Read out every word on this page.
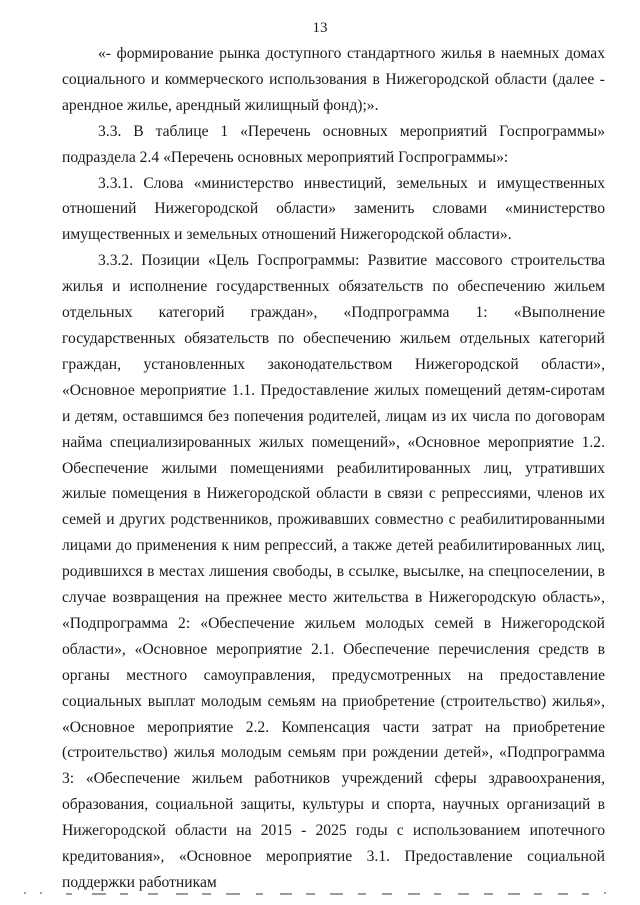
13

«- формирование рынка доступного стандартного жилья в наемных домах социального и коммерческого использования в Нижегородской области (далее - арендное жилье, арендный жилищный фонд);».

3.3. В таблице 1 «Перечень основных мероприятий Госпрограммы» подраздела 2.4 «Перечень основных мероприятий Госпрограммы»:

3.3.1. Слова «министерство инвестиций, земельных и имущественных отношений Нижегородской области» заменить словами «министерство имущественных и земельных отношений Нижегородской области».

3.3.2. Позиции «Цель Госпрограммы: Развитие массового строительства жилья и исполнение государственных обязательств по обеспечению жильем отдельных категорий граждан», «Подпрограмма 1: «Выполнение государственных обязательств по обеспечению жильем отдельных категорий граждан, установленных законодательством Нижегородской области», «Основное мероприятие 1.1. Предоставление жилых помещений детям-сиротам и детям, оставшимся без попечения родителей, лицам из их числа по договорам найма специализированных жилых помещений», «Основное мероприятие 1.2. Обеспечение жилыми помещениями реабилитированных лиц, утративших жилые помещения в Нижегородской области в связи с репрессиями, членов их семей и других родственников, проживавших совместно с реабилитированными лицами до применения к ним репрессий, а также детей реабилитированных лиц, родившихся в местах лишения свободы, в ссылке, высылке, на спецпоселении, в случае возвращения на прежнее место жительства в Нижегородскую область», «Подпрограмма 2: «Обеспечение жильем молодых семей в Нижегородской области», «Основное мероприятие 2.1. Обеспечение перечисления средств в органы местного самоуправления, предусмотренных на предоставление социальных выплат молодым семьям на приобретение (строительство) жилья», «Основное мероприятие 2.2. Компенсация части затрат на приобретение (строительство) жилья молодым семьям при рождении детей», «Подпрограмма 3: «Обеспечение жильем работников учреждений сферы здравоохранения, образования, социальной защиты, культуры и спорта, научных организаций в Нижегородской области на 2015 - 2025 годы с использованием ипотечного кредитования», «Основное мероприятие 3.1. Предоставление социальной поддержки работникам
